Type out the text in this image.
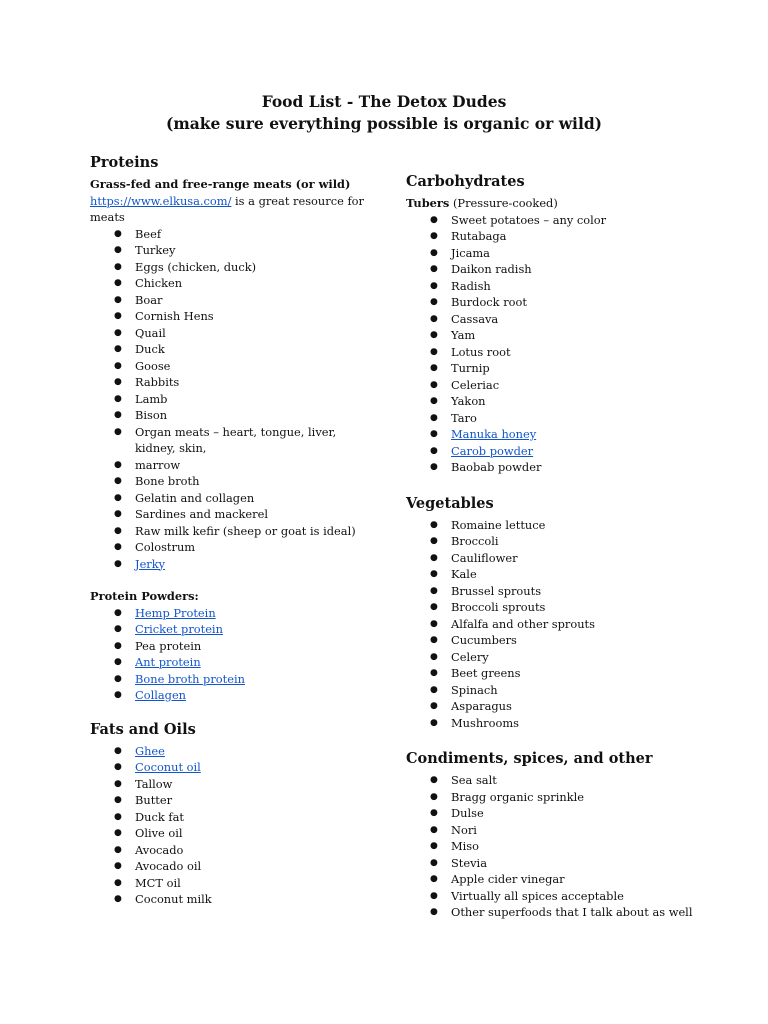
Food List - The Detox Dudes
(make sure everything possible is organic or wild)
Proteins
Grass-fed and free-range meats (or wild)
https://www.elkusa.com/ is a great resource for meats
● Beef
● Turkey
● Eggs (chicken, duck)
● Chicken
● Boar
● Cornish Hens
● Quail
● Duck
● Goose
● Rabbits
● Lamb
● Bison
● Organ meats – heart, tongue, liver, kidney, skin,
● marrow
● Bone broth
● Gelatin and collagen
● Sardines and mackerel
● Raw milk kefir (sheep or goat is ideal)
● Colostrum
● Jerky
Protein Powders:
● Hemp Protein
● Cricket protein
● Pea protein
● Ant protein
● Bone broth protein
● Collagen
Fats and Oils
● Ghee
● Coconut oil
● Tallow
● Butter
● Duck fat
● Olive oil
● Avocado
● Avocado oil
● MCT oil
● Coconut milk
Carbohydrates
Tubers (Pressure-cooked)
● Sweet potatoes – any color
● Rutabaga
● Jicama
● Daikon radish
● Radish
● Burdock root
● Cassava
● Yam
● Lotus root
● Turnip
● Celeriac
● Yakon
● Taro
● Manuka honey
● Carob powder
● Baobab powder
Vegetables
● Romaine lettuce
● Broccoli
● Cauliflower
● Kale
● Brussel sprouts
● Broccoli sprouts
● Alfalfa and other sprouts
● Cucumbers
● Celery
● Beet greens
● Spinach
● Asparagus
● Mushrooms
Condiments, spices, and other
● Sea salt
● Bragg organic sprinkle
● Dulse
● Nori
● Miso
● Stevia
● Apple cider vinegar
● Virtually all spices acceptable
● Other superfoods that I talk about as well
